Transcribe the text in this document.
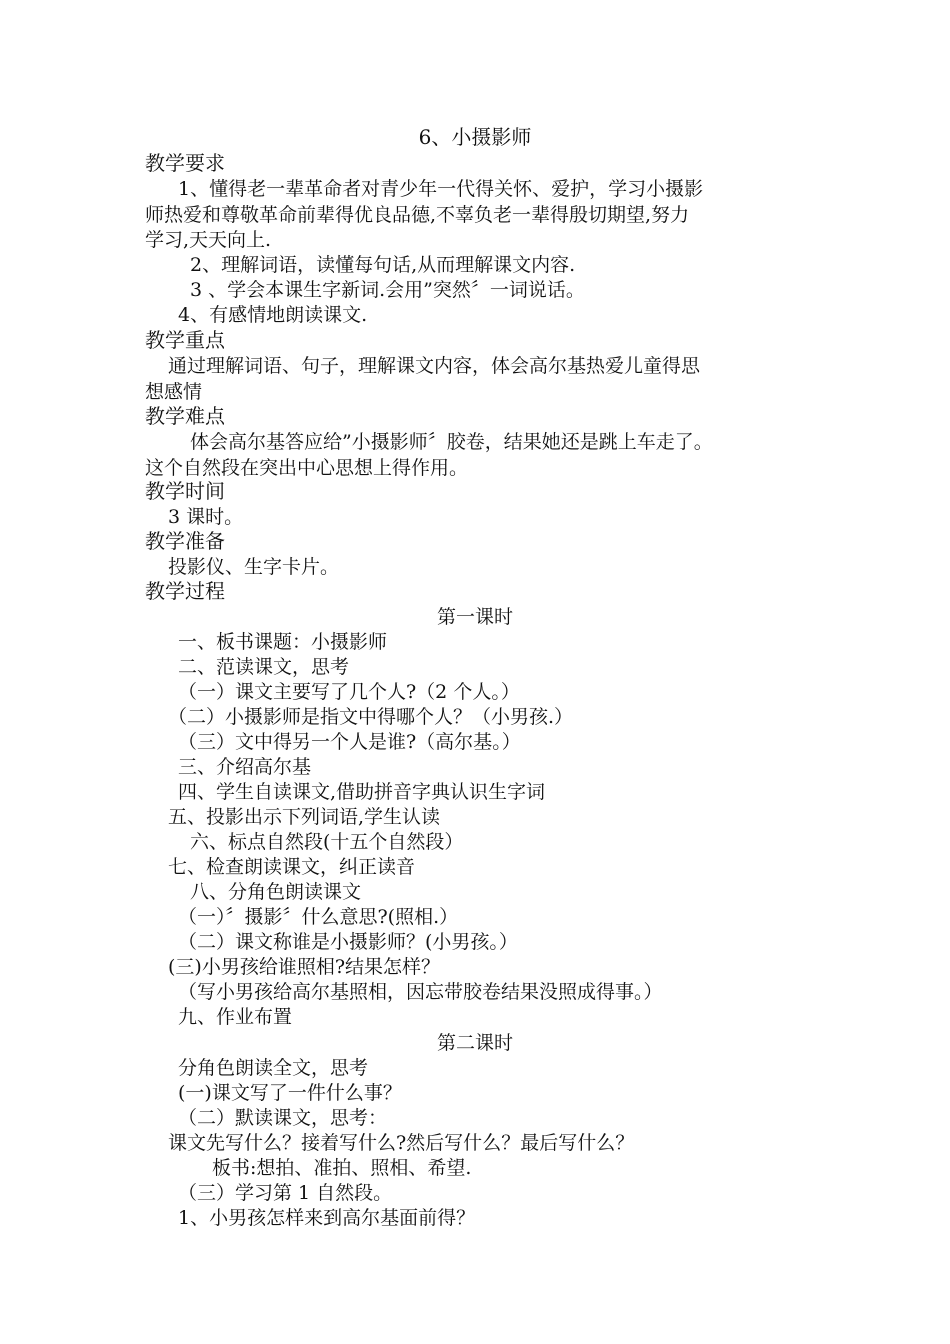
6、小摄影师
教学要求
1、懂得老一辈革命者对青少年一代得关怀、爱护，学习小摄影
师热爱和尊敬革命前辈得优良品德,不辜负老一辈得殷切期望,努力
学习,天天向上.
2、理解词语，读懂每句话,从而理解课文内容.
3 、学会本课生字新词.会用”突然〞一词说话。
4、有感情地朗读课文.
教学重点
通过理解词语、句子，理解课文内容，体会高尔基热爱儿童得思
想感情
教学难点
体会高尔基答应给”小摄影师〞胶卷，结果她还是跳上车走了。
这个自然段在突出中心思想上得作用。
教学时间
3 课时。
教学准备
投影仪、生字卡片。
教学过程
第一课时
一、板书课题：小摄影师
二、范读课文，思考
（一）课文主要写了几个人?（2 个人。）
（二）小摄影师是指文中得哪个人？（小男孩.）
（三）文中得另一个人是谁?（高尔基。）
三、介绍高尔基
四、学生自读课文,借助拼音字典认识生字词
五、投影出示下列词语,学生认读
六、标点自然段(十五个自然段）
七、检查朗读课文，纠正读音
八、分角色朗读课文
（一）〞摄影〞什么意思?(照相.）
（二）课文称谁是小摄影师？(小男孩。）
(三)小男孩给谁照相?结果怎样？
（写小男孩给高尔基照相，因忘带胶卷结果没照成得事。）
九、作业布置
第二课时
分角色朗读全文，思考
(一)课文写了一件什么事？
（二）默读课文，思考：
课文先写什么？接着写什么?然后写什么？最后写什么？
板书:想拍、准拍、照相、希望.
（三）学习第 1 自然段。
1、小男孩怎样来到高尔基面前得？
